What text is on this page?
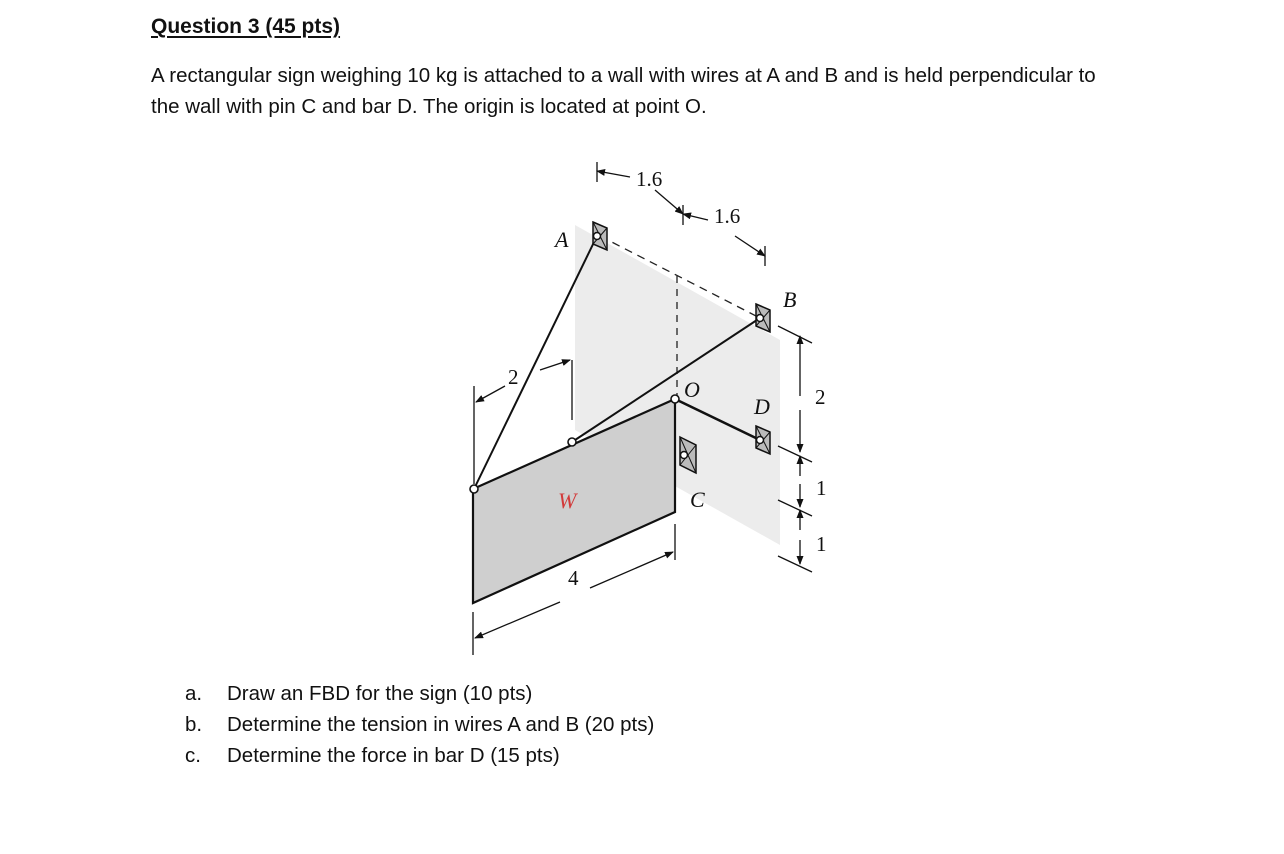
Question 3 (45 pts)
A rectangular sign weighing 10 kg is attached to a wall with wires at A and B and is held perpendicular to
the wall with pin C and bar D. The origin is located at point O.
1.6
1.6
2
4
2
1
1
A
B
O
D
C
W
a. Draw an FBD for the sign (10 pts)
b. Determine the tension in wires A and B (20 pts)
c. Determine the force in bar D (15 pts)
